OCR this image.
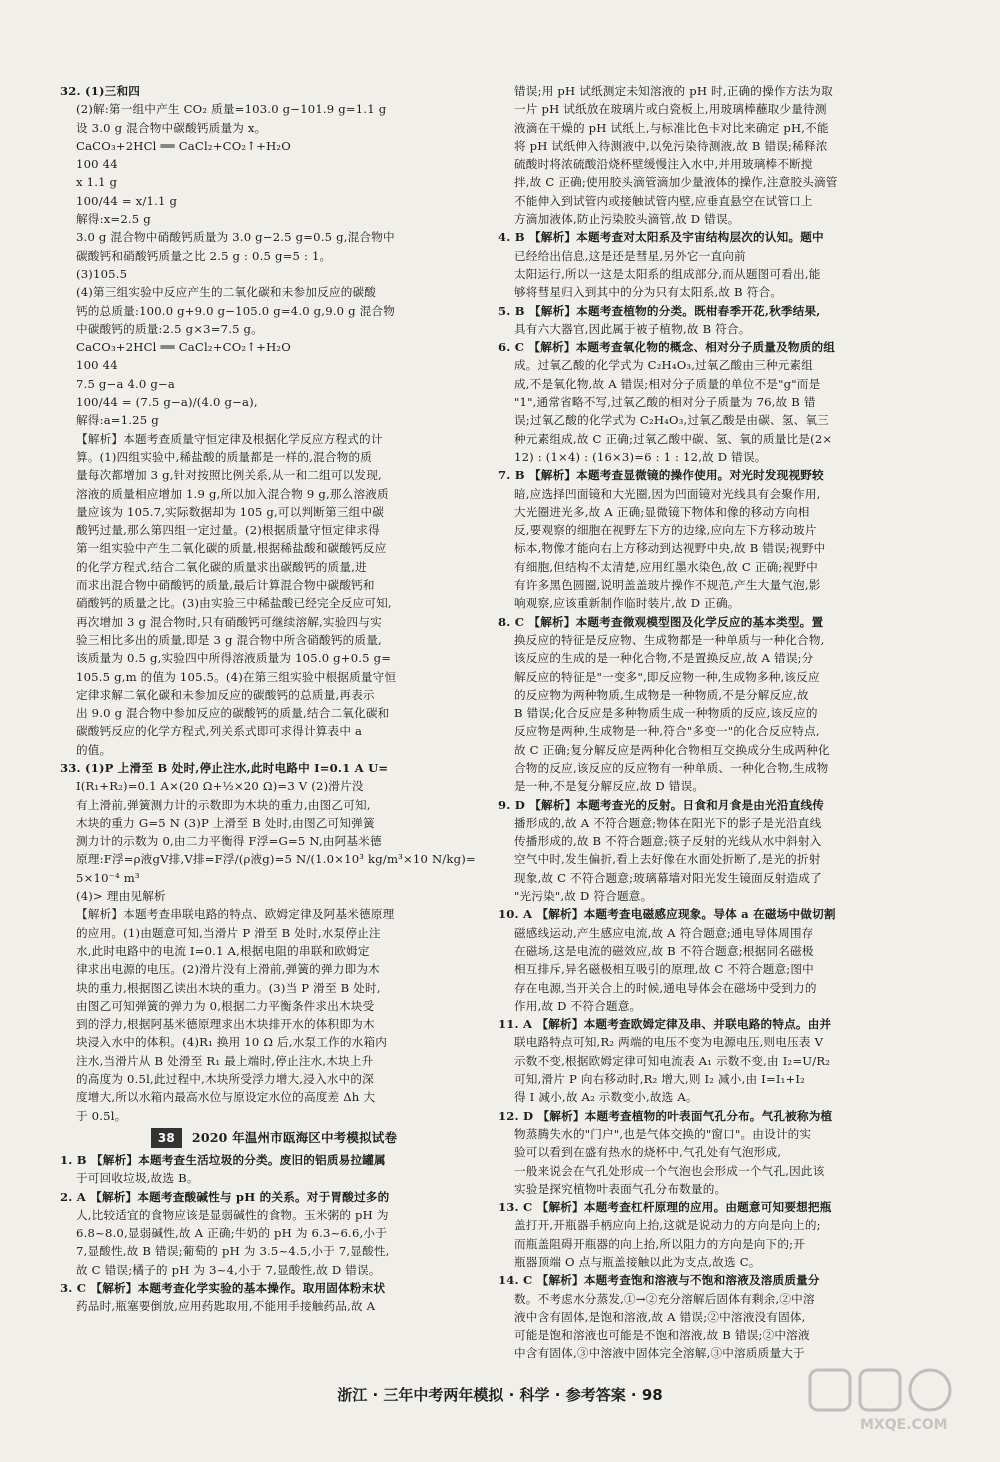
32. (1)三和四
(2)解:第一组中产生 CO₂ 质量=103.0 g−101.9 g=1.1 g
设 3.0 g 混合物中碳酸钙质量为 x。
CaCO₃+2HCl ══ CaCl₂+CO₂↑+H₂O
100 44
x 1.1 g
100/44 = x/1.1 g
解得:x=2.5 g
3.0 g 混合物中硝酸钙质量为 3.0 g−2.5 g=0.5 g,混合物中
碳酸钙和硝酸钙质量之比 2.5 g : 0.5 g=5 : 1。
(3)105.5
(4)第三组实验中反应产生的二氧化碳和未参加反应的碳酸
钙的总质量:100.0 g+9.0 g−105.0 g=4.0 g,9.0 g 混合物
中碳酸钙的质量:2.5 g×3=7.5 g。
CaCO₃+2HCl ══ CaCl₂+CO₂↑+H₂O
100 44
7.5 g−a 4.0 g−a
100/44 = (7.5 g−a)/(4.0 g−a),
解得:a=1.25 g
【解析】本题考查质量守恒定律及根据化学反应方程式的计
算。(1)四组实验中,稀盐酸的质量都是一样的,混合物的质
量每次都增加 3 g,针对按照比例关系,从一和二组可以发现,
溶液的质量相应增加 1.9 g,所以加入混合物 9 g,那么溶液质
量应该为 105.7,实际数据却为 105 g,可以判断第三组中碳
酸钙过量,那么第四组一定过量。(2)根据质量守恒定律求得
第一组实验中产生二氧化碳的质量,根据稀盐酸和碳酸钙反应
的化学方程式,结合二氧化碳的质量求出碳酸钙的质量,进
而求出混合物中硝酸钙的质量,最后计算混合物中碳酸钙和
硝酸钙的质量之比。(3)由实验三中稀盐酸已经完全反应可知,
再次增加 3 g 混合物时,只有硝酸钙可继续溶解,实验四与实
验三相比多出的质量,即是 3 g 混合物中所含硝酸钙的质量,
该质量为 0.5 g,实验四中所得溶液质量为 105.0 g+0.5 g=
105.5 g,m 的值为 105.5。(4)在第三组实验中根据质量守恒
定律求解二氧化碳和未参加反应的碳酸钙的总质量,再表示
出 9.0 g 混合物中参加反应的碳酸钙的质量,结合二氧化碳和
碳酸钙反应的化学方程式,列关系式即可求得计算表中 a
的值。
33. (1)P 上滑至 B 处时,停止注水,此时电路中 I=0.1 A U=
I(R₁+R₂)=0.1 A×(20 Ω+½×20 Ω)=3 V (2)滑片没
有上滑前,弹簧测力计的示数即为木块的重力,由图乙可知,
木块的重力 G=5 N (3)P 上滑至 B 处时,由图乙可知弹簧
测力计的示数为 0,由二力平衡得 F浮=G=5 N,由阿基米德
原理:F浮=ρ液gV排,V排=F浮/(ρ液g)=5 N/(1.0×10³ kg/m³×10 N/kg)=
5×10⁻⁴ m³
(4)> 理由见解析
【解析】本题考查串联电路的特点、欧姆定律及阿基米德原理
的应用。(1)由题意可知,当滑片 P 滑至 B 处时,水泵停止注
水,此时电路中的电流 I=0.1 A,根据电阻的串联和欧姆定
律求出电源的电压。(2)滑片没有上滑前,弹簧的弹力即为木
块的重力,根据图乙读出木块的重力。(3)当 P 滑至 B 处时,
由图乙可知弹簧的弹力为 0,根据二力平衡条件求出木块受
到的浮力,根据阿基米德原理求出木块排开水的体积即为木
块浸入水中的体积。(4)R₁ 换用 10 Ω 后,水泵工作的水箱内
注水,当滑片从 B 处滑至 R₁ 最上端时,停止注水,木块上升
的高度为 0.5l,此过程中,木块所受浮力增大,浸入水中的深
度增大,所以水箱内最高水位与原设定水位的高度差 Δh 大
于 0.5l。
38	2020 年温州市瓯海区中考模拟试卷
1. B 【解析】本题考查生活垃圾的分类。废旧的铝质易拉罐属
于可回收垃圾,故选 B。
2. A 【解析】本题考查酸碱性与 pH 的关系。对于胃酸过多的
人,比较适宜的食物应该是显弱碱性的食物。玉米粥的 pH 为
6.8~8.0,显弱碱性,故 A 正确;牛奶的 pH 为 6.3~6.6,小于
7,显酸性,故 B 错误;葡萄的 pH 为 3.5~4.5,小于 7,显酸性,
故 C 错误;橘子的 pH 为 3~4,小于 7,显酸性,故 D 错误。
3. C 【解析】本题考查化学实验的基本操作。取用固体粉末状
药品时,瓶塞要倒放,应用药匙取用,不能用手接触药品,故 A
错误;用 pH 试纸测定未知溶液的 pH 时,正确的操作方法为取
一片 pH 试纸放在玻璃片或白瓷板上,用玻璃棒蘸取少量待测
液滴在干燥的 pH 试纸上,与标准比色卡对比来确定 pH,不能
将 pH 试纸伸入待测液中,以免污染待测液,故 B 错误;稀释浓
硫酸时将浓硫酸沿烧杯壁缓慢注入水中,并用玻璃棒不断搅
拌,故 C 正确;使用胶头滴管滴加少量液体的操作,注意胶头滴管
不能伸入到试管内或接触试管内壁,应垂直悬空在试管口上
方滴加液体,防止污染胶头滴管,故 D 错误。
4. B 【解析】本题考查对太阳系及宇宙结构层次的认知。题中
已经给出信息,这是还是彗星,另外它一直向前
太阳运行,所以一这是太阳系的组成部分,而从题图可看出,能
够将彗星归入到其中的分为只有太阳系,故 B 符合。
5. B 【解析】本题考查植物的分类。既柑春季开花,秋季结果,
具有六大器官,因此属于被子植物,故 B 符合。
6. C 【解析】本题考查氧化物的概念、相对分子质量及物质的组
成。过氧乙酸的化学式为 C₂H₄O₃,过氧乙酸由三种元素组
成,不是氧化物,故 A 错误;相对分子质量的单位不是"g"而是
"1",通常省略不写,过氧乙酸的相对分子质量为 76,故 B 错
误;过氧乙酸的化学式为 C₂H₄O₃,过氧乙酸是由碳、氢、氧三
种元素组成,故 C 正确;过氧乙酸中碳、氢、氧的质量比是(2×
12) : (1×4) : (16×3)=6 : 1 : 12,故 D 错误。
7. B 【解析】本题考查显微镜的操作使用。对光时发现视野较
暗,应选择凹面镜和大光圈,因为凹面镜对光线具有会聚作用,
大光圈进光多,故 A 正确;显微镜下物体和像的移动方向相
反,要观察的细胞在视野左下方的边缘,应向左下方移动玻片
标本,物像才能向右上方移动到达视野中央,故 B 错误;视野中
有细胞,但结构不太清楚,应用红墨水染色,故 C 正确;视野中
有许多黑色圆圈,说明盖盖玻片操作不规范,产生大量气泡,影
响观察,应该重新制作临时装片,故 D 正确。
8. C 【解析】本题考查微观模型图及化学反应的基本类型。置
换反应的特征是反应物、生成物都是一种单质与一种化合物,
该反应的生成的是一种化合物,不是置换反应,故 A 错误;分
解反应的特征是"一变多",即反应物一种,生成物多种,该反应
的反应物为两种物质,生成物是一种物质,不是分解反应,故
B 错误;化合反应是多种物质生成一种物质的反应,该反应的
反应物是两种,生成物是一种,符合"多变一"的化合反应特点,
故 C 正确;复分解反应是两种化合物相互交换成分生成两种化
合物的反应,该反应的反应物有一种单质、一种化合物,生成物
是一种,不是复分解反应,故 D 错误。
9. D 【解析】本题考查光的反射。日食和月食是由光沿直线传
播形成的,故 A 不符合题意;物体在阳光下的影子是光沿直线
传播形成的,故 B 不符合题意;筷子反射的光线从水中斜射入
空气中时,发生偏折,看上去好像在水面处折断了,是光的折射
现象,故 C 不符合题意;玻璃幕墙对阳光发生镜面反射造成了
"光污染",故 D 符合题意。
10. A 【解析】本题考查电磁感应现象。导体 a 在磁场中做切割
磁感线运动,产生感应电流,故 A 符合题意;通电导体周围存
在磁场,这是电流的磁效应,故 B 不符合题意;根据同名磁极
相互排斥,异名磁极相互吸引的原理,故 C 不符合题意;图中
存在电源,当开关合上的时候,通电导体会在磁场中受到力的
作用,故 D 不符合题意。
11. A 【解析】本题考查欧姆定律及串、并联电路的特点。由并
联电路特点可知,R₂ 两端的电压不变为电源电压,则电压表 V
示数不变,根据欧姆定律可知电流表 A₁ 示数不变,由 I₂=U/R₂
可知,滑片 P 向右移动时,R₂ 增大,则 I₂ 减小,由 I=I₁+I₂
得 I 减小,故 A₂ 示数变小,故选 A。
12. D 【解析】本题考查植物的叶表面气孔分布。气孔被称为植
物蒸腾失水的"门户",也是气体交换的"窗口"。由设计的实
验可以看到在盛有热水的烧杯中,气孔处有气泡形成,
一般来说会在气孔处形成一个气泡也会形成一个气孔,因此该
实验是探究植物叶表面气孔分布数量的。
13. C 【解析】本题考查杠杆原理的应用。由题意可知要想把瓶
盖打开,开瓶器手柄应向上抬,这就是说动力的方向是向上的;
而瓶盖阻碍开瓶器的向上抬,所以阻力的方向是向下的;开
瓶器顶端 O 点与瓶盖接触以此为支点,故选 C。
14. C 【解析】本题考查饱和溶液与不饱和溶液及溶质质量分
数。不考虑水分蒸发,①→②充分溶解后固体有剩余,②中溶
液中含有固体,是饱和溶液,故 A 错误;②中溶液没有固体,
可能是饱和溶液也可能是不饱和溶液,故 B 错误;②中溶液
中含有固体,③中溶液中固体完全溶解,③中溶质质量大于
浙江 · 三年中考两年模拟 · 科学 · 参考答案 · 98
MXQE.COM
